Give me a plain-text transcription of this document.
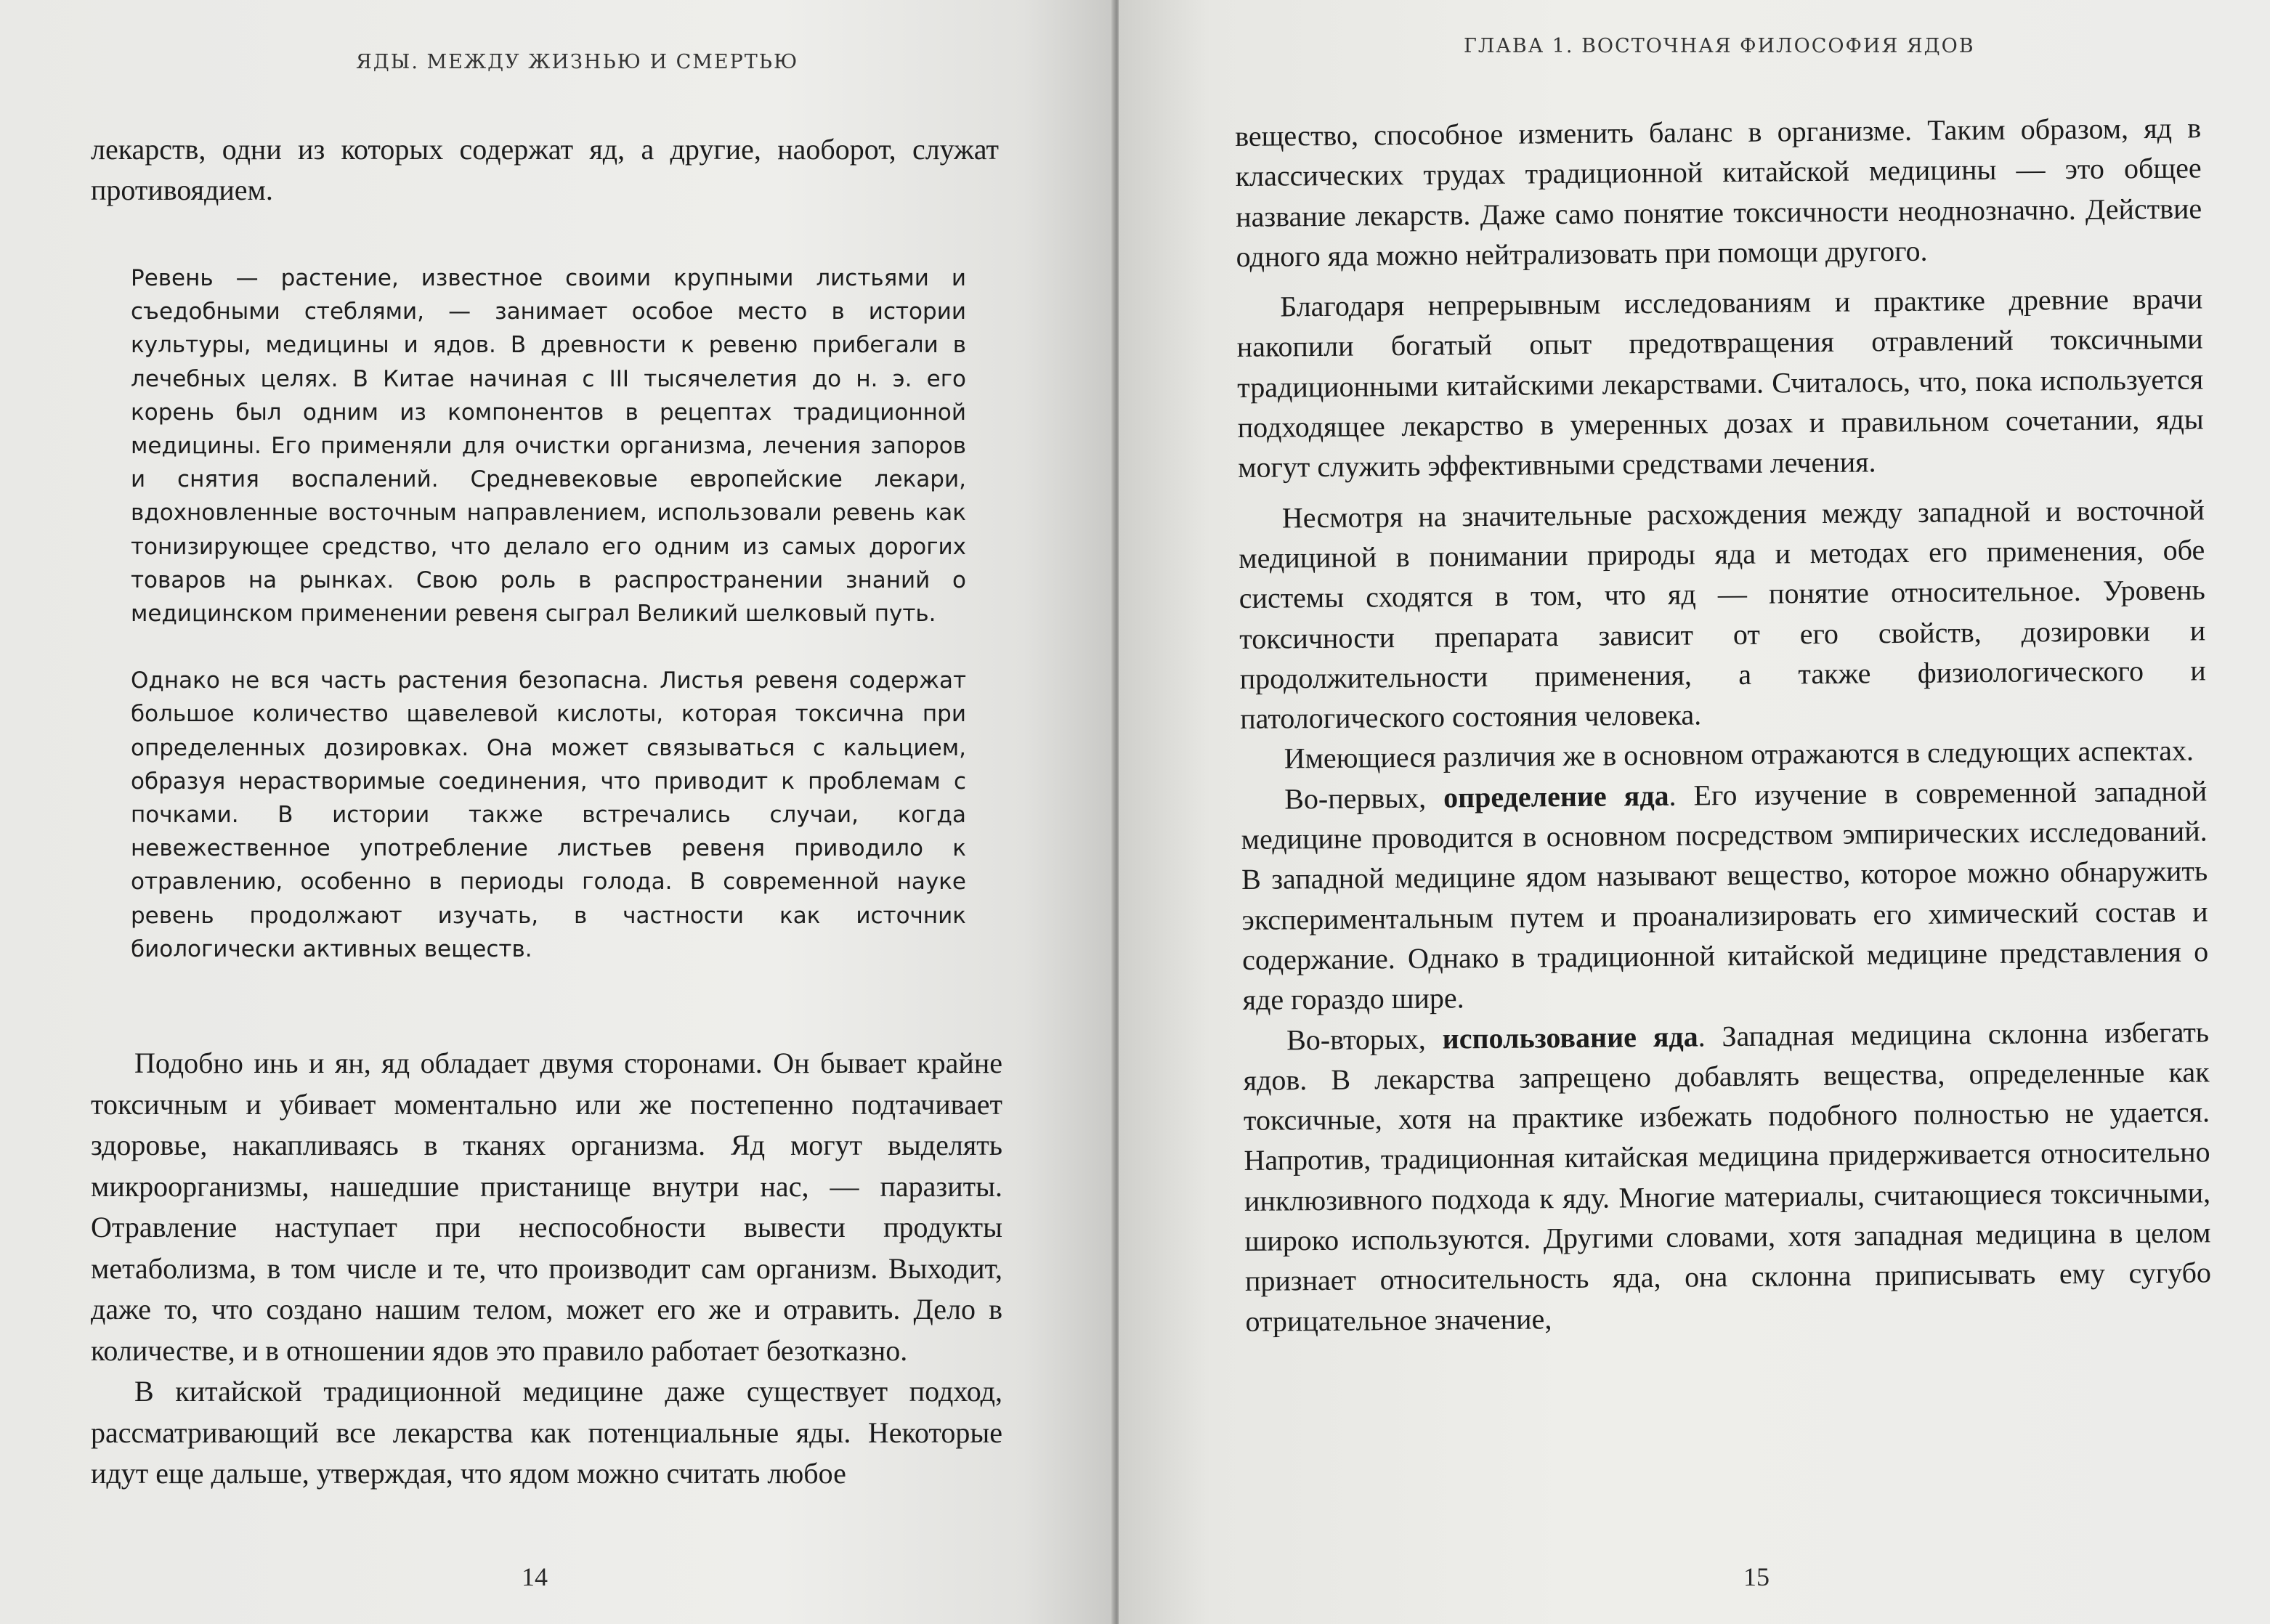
ЯДЫ. МЕЖДУ ЖИЗНЬЮ И СМЕРТЬЮ

лекарств, одни из которых содержат яд, а другие, наоборот, служат противоядием.

Ревень — растение, известное своими крупными листьями и съедобными стеблями, — занимает особое место в истории культуры, медицины и ядов. В древности к ревеню прибегали в лечебных целях. В Китае начиная с III тысячелетия до н. э. его корень был одним из компонентов в рецептах традиционной медицины. Его применяли для очистки организма, лечения запоров и снятия воспалений. Средневековые европейские лекари, вдохновленные восточным направлением, использовали ревень как тонизирующее средство, что делало его одним из самых дорогих товаров на рынках. Свою роль в распространении знаний о медицинском применении ревеня сыграл Великий шелковый путь.

Однако не вся часть растения безопасна. Листья ревеня содержат большое количество щавелевой кислоты, которая токсична при определенных дозировках. Она может связываться с кальцием, образуя нерастворимые соединения, что приводит к проблемам с почками. В истории также встречались случаи, когда невежественное употребление листьев ревеня приводило к отравлению, особенно в периоды голода. В современной науке ревень продолжают изучать, в частности как источник биологически активных веществ.

Подобно инь и ян, яд обладает двумя сторонами. Он бывает крайне токсичным и убивает моментально или же постепенно подтачивает здоровье, накапливаясь в тканях организма. Яд могут выделять микроорганизмы, нашедшие пристанище внутри нас, — паразиты. Отравление наступает при неспособности вывести продукты метаболизма, в том числе и те, что производит сам организм. Выходит, даже то, что создано нашим телом, может его же и отравить. Дело в количестве, и в отношении ядов это правило работает безотказно.

В китайской традиционной медицине даже существует подход, рассматривающий все лекарства как потенциальные яды. Некоторые идут еще дальше, утверждая, что ядом можно считать любое

14
ГЛАВА 1. ВОСТОЧНАЯ ФИЛОСОФИЯ ЯДОВ

вещество, способное изменить баланс в организме. Таким образом, яд в классических трудах традиционной китайской медицины — это общее название лекарств. Даже само понятие токсичности неоднозначно. Действие одного яда можно нейтрализовать при помощи другого.

Благодаря непрерывным исследованиям и практике древние врачи накопили богатый опыт предотвращения отравлений токсичными традиционными китайскими лекарствами. Считалось, что, пока используется подходящее лекарство в умеренных дозах и правильном сочетании, яды могут служить эффективными средствами лечения.

Несмотря на значительные расхождения между западной и восточной медициной в понимании природы яда и методах его применения, обе системы сходятся в том, что яд — понятие относительное. Уровень токсичности препарата зависит от его свойств, дозировки и продолжительности применения, а также физиологического и патологического состояния человека.

Имеющиеся различия же в основном отражаются в следующих аспектах.

Во-первых, определение яда. Его изучение в современной западной медицине проводится в основном посредством эмпирических исследований. В западной медицине ядом называют вещество, которое можно обнаружить экспериментальным путем и проанализировать его химический состав и содержание. Однако в традиционной китайской медицине представления о яде гораздо шире.

Во-вторых, использование яда. Западная медицина склонна избегать ядов. В лекарства запрещено добавлять вещества, определенные как токсичные, хотя на практике избежать подобного полностью не удается. Напротив, традиционная китайская медицина придерживается относительно инклюзивного подхода к яду. Многие материалы, считающиеся токсичными, широко используются. Другими словами, хотя западная медицина в целом признает относительность яда, она склонна приписывать ему сугубо отрицательное значение,

15
